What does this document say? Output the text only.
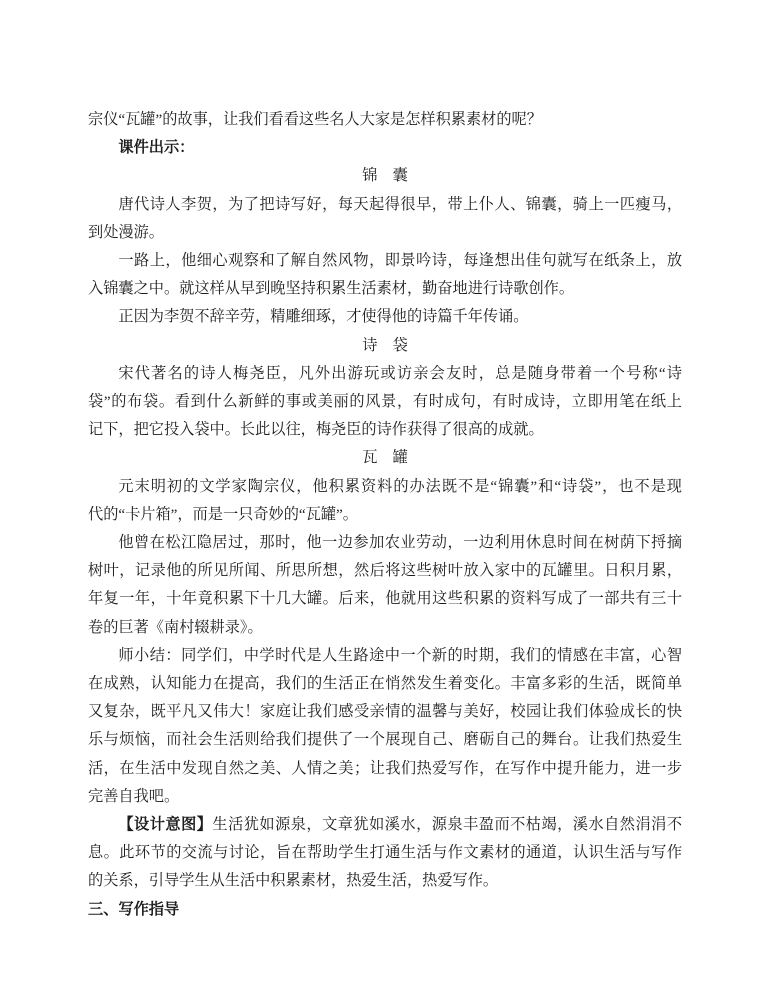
宗仪“瓦罐”的故事，让我们看看这些名人大家是怎样积累素材的呢？
课件出示：
锦　囊
唐代诗人李贺，为了把诗写好，每天起得很早，带上仆人、锦囊，骑上一匹瘦马，
到处漫游。
一路上，他细心观察和了解自然风物，即景吟诗，每逢想出佳句就写在纸条上，放
入锦囊之中。就这样从早到晚坚持积累生活素材，勤奋地进行诗歌创作。
正因为李贺不辞辛劳，精雕细琢，才使得他的诗篇千年传诵。
诗　袋
宋代著名的诗人梅尧臣，凡外出游玩或访亲会友时，总是随身带着一个号称“诗
袋”的布袋。看到什么新鲜的事或美丽的风景，有时成句，有时成诗，立即用笔在纸上
记下，把它投入袋中。长此以往，梅尧臣的诗作获得了很高的成就。
瓦　罐
元末明初的文学家陶宗仪，他积累资料的办法既不是“锦囊”和“诗袋”，也不是现
代的“卡片箱”，而是一只奇妙的“瓦罐”。
他曾在松江隐居过，那时，他一边参加农业劳动，一边利用休息时间在树荫下捋摘
树叶，记录他的所见所闻、所思所想，然后将这些树叶放入家中的瓦罐里。日积月累，
年复一年，十年竟积累下十几大罐。后来，他就用这些积累的资料写成了一部共有三十
卷的巨著《南村辍耕录》。
师小结：同学们，中学时代是人生路途中一个新的时期，我们的情感在丰富，心智
在成熟，认知能力在提高，我们的生活正在悄然发生着变化。丰富多彩的生活，既简单
又复杂，既平凡又伟大！家庭让我们感受亲情的温馨与美好，校园让我们体验成长的快
乐与烦恼，而社会生活则给我们提供了一个展现自己、磨砺自己的舞台。让我们热爱生
活，在生活中发现自然之美、人情之美；让我们热爱写作，在写作中提升能力，进一步
完善自我吧。
【设计意图】生活犹如源泉，文章犹如溪水，源泉丰盈而不枯竭，溪水自然涓涓不
息。此环节的交流与讨论，旨在帮助学生打通生活与作文素材的通道，认识生活与写作
的关系，引导学生从生活中积累素材，热爱生活，热爱写作。
三、写作指导
